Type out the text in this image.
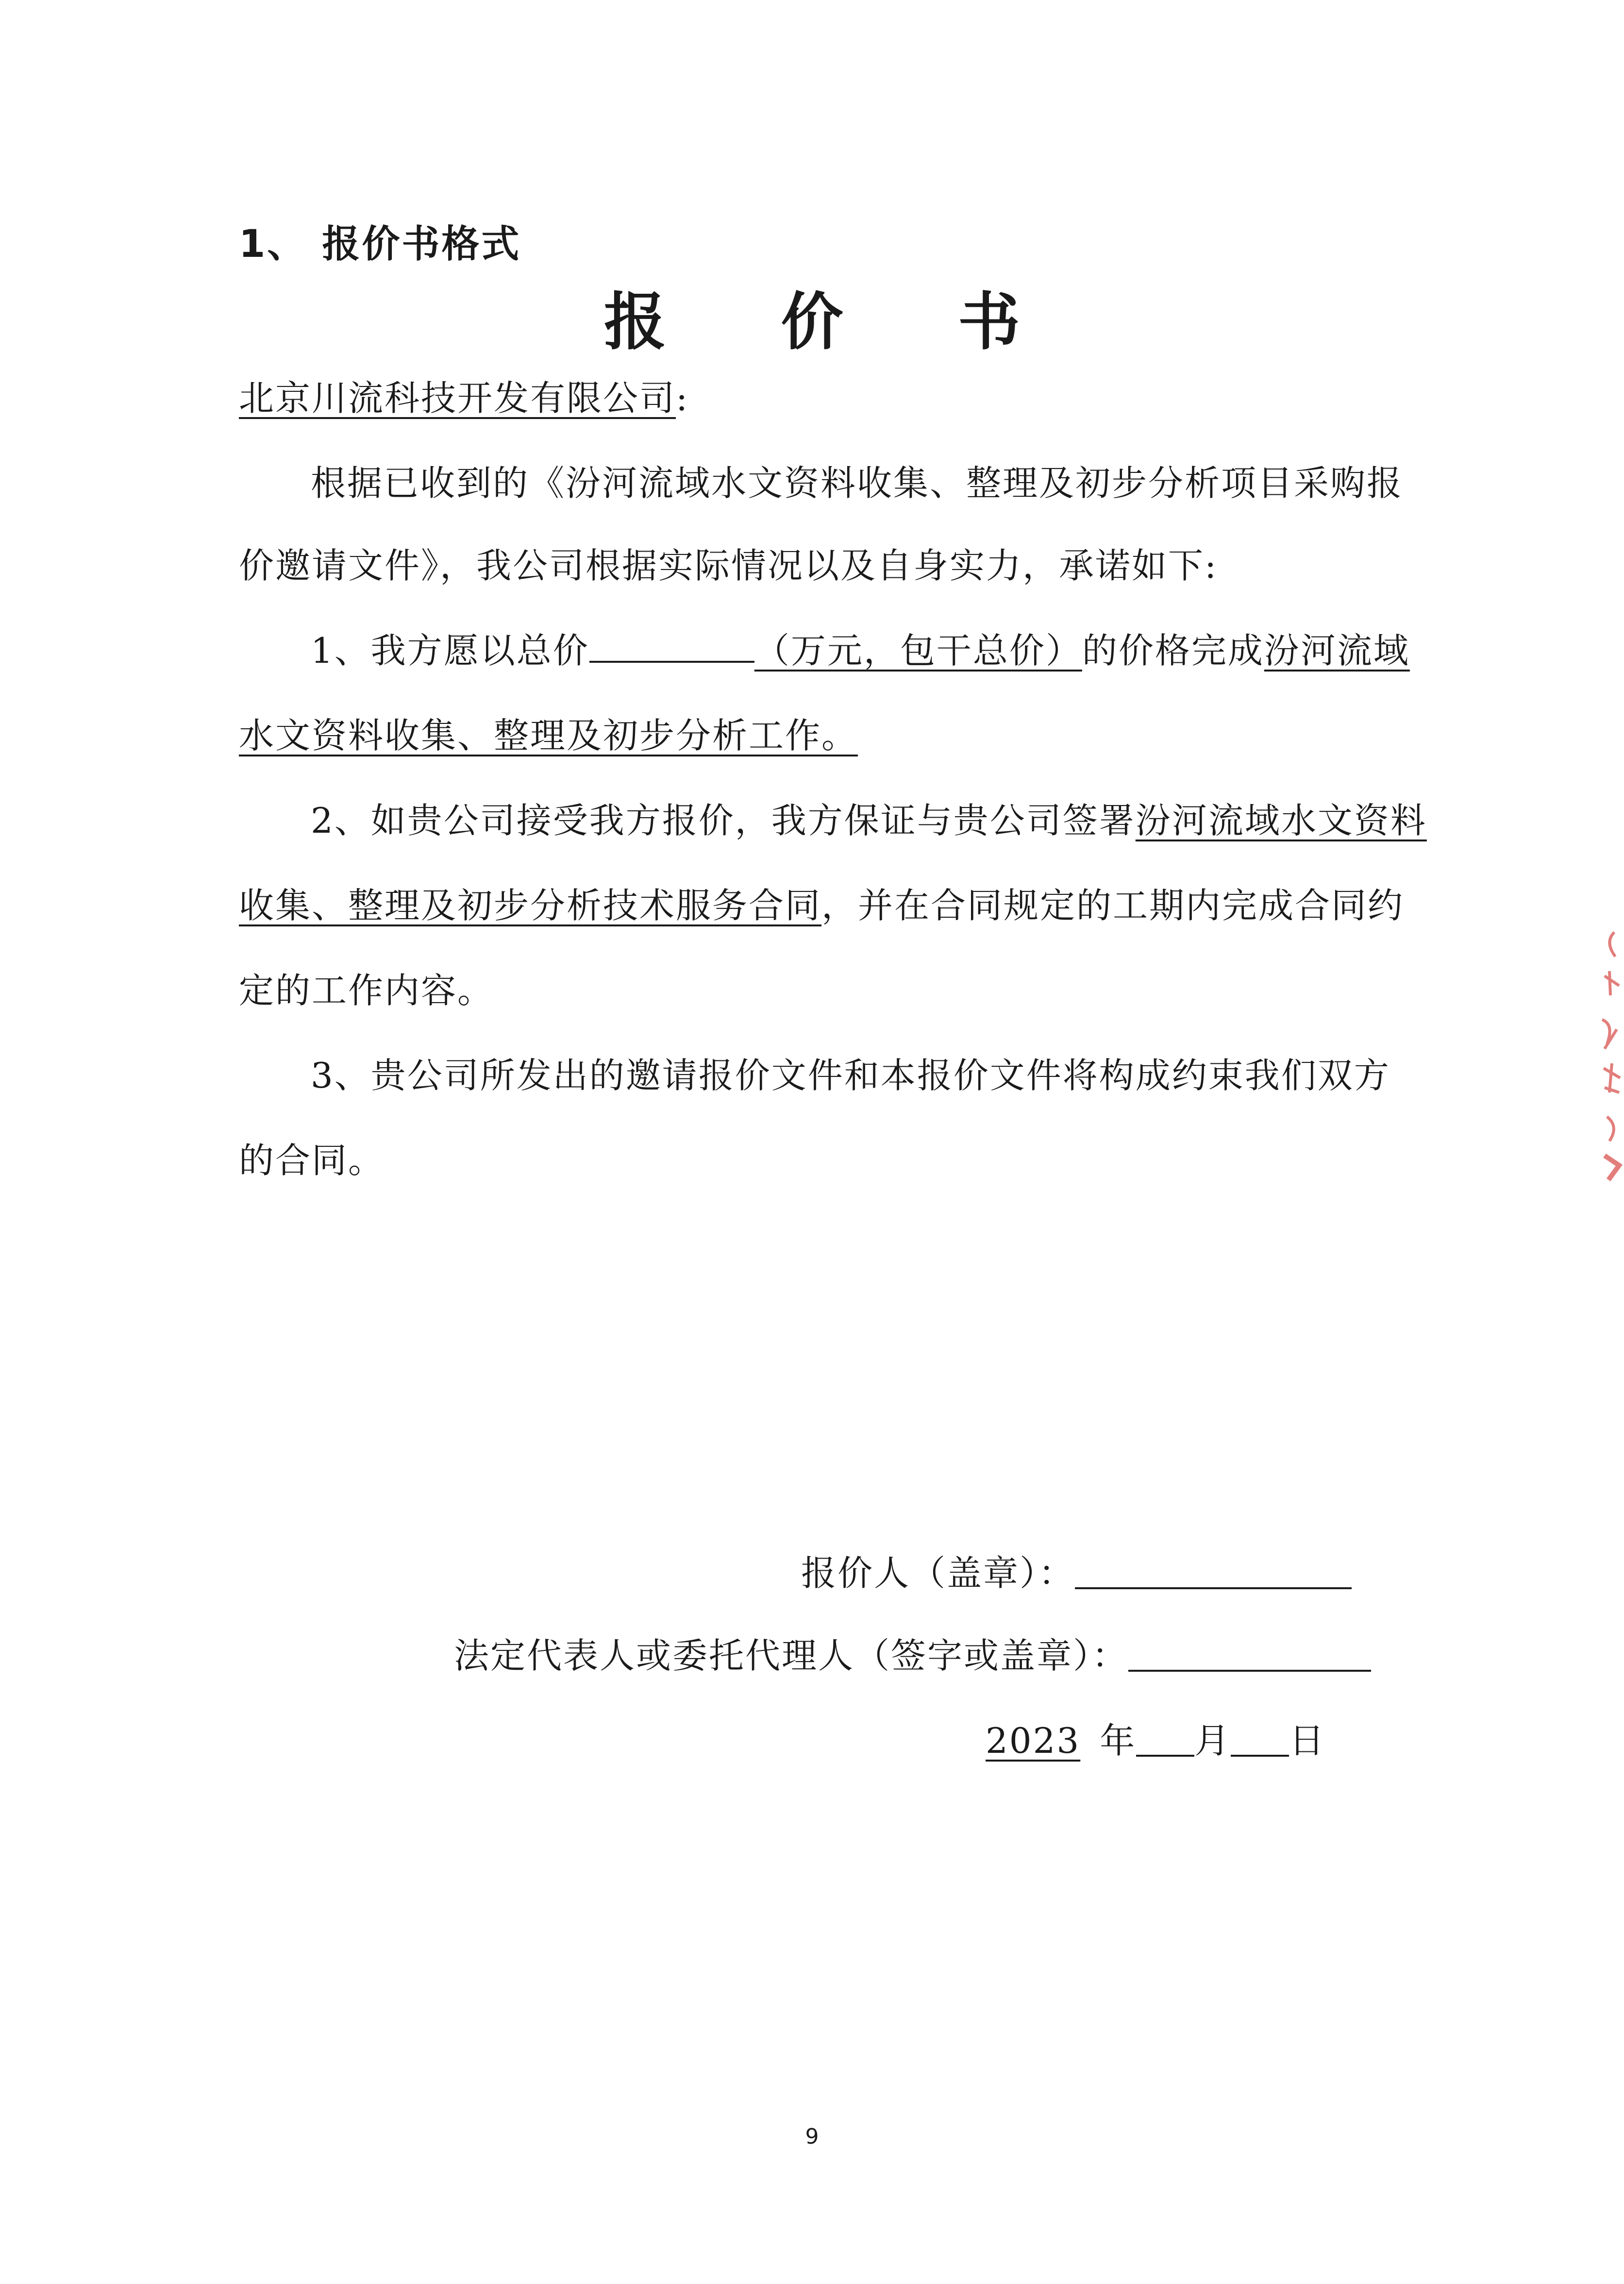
1、 报价书格式
报 价 书
北京川流科技开发有限公司:
根据已收到的《汾河流域水文资料收集、整理及初步分析项目采购报
价邀请文件》，我公司根据实际情况以及自身实力，承诺如下:
1、我方愿以总价	（万元，包干总价）的价格完成汾河流域
水文资料收集、整理及初步分析工作。
2、如贵公司接受我方报价，我方保证与贵公司签署汾河流域水文资料
收集、整理及初步分析技术服务合同，并在合同规定的工期内完成合同约
定的工作内容。
3、贵公司所发出的邀请报价文件和本报价文件将构成约束我们双方
的合同。
报价人（盖章）：
法定代表人或委托代理人（签字或盖章）：
2023 年 月 日
9
